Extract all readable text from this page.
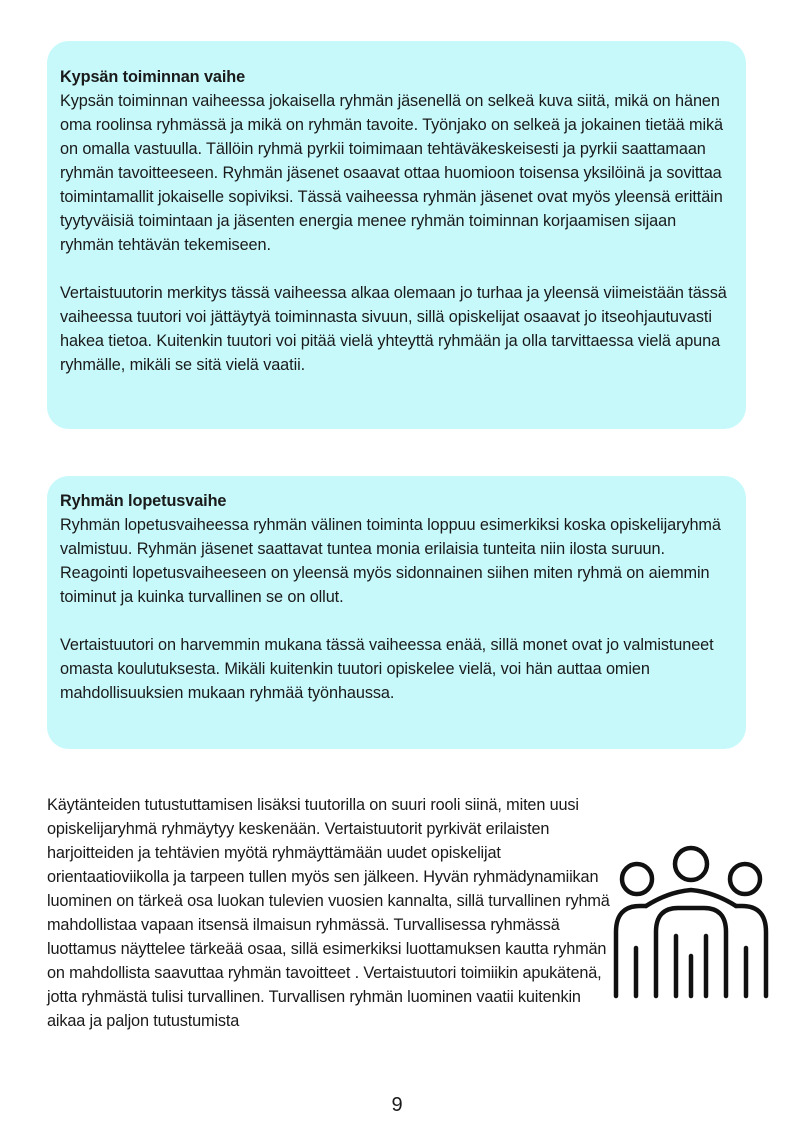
Kypsän toiminnan vaihe

Kypsän toiminnan vaiheessa jokaisella ryhmän jäsenellä on selkeä kuva siitä, mikä on hänen oma roolinsa ryhmässä ja mikä on ryhmän tavoite. Työnjako on selkeä ja jokainen tietää mikä on omalla vastuulla. Tällöin ryhmä pyrkii toimimaan tehtäväkeskeisesti ja pyrkii saattamaan ryhmän tavoitteeseen. Ryhmän jäsenet osaavat ottaa huomioon toisensa yksilöinä ja sovittaa toimintamallit jokaiselle sopiviksi. Tässä vaiheessa ryhmän jäsenet ovat myös yleensä erittäin tyytyväisiä toimintaan ja jäsenten energia menee ryhmän toiminnan korjaamisen sijaan ryhmän tehtävän tekemiseen.

Vertaistuutorin merkitys tässä vaiheessa alkaa olemaan jo turhaa ja yleensä viimeistään tässä vaiheessa tuutori voi jättäytyä toiminnasta sivuun, sillä opiskelijat osaavat jo itseohjautuvasti hakea tietoa. Kuitenkin tuutori voi pitää vielä yhteyttä ryhmään ja olla tarvittaessa vielä apuna ryhmälle, mikäli se sitä vielä vaatii.

Ryhmän lopetusvaihe

Ryhmän lopetusvaiheessa ryhmän välinen toiminta loppuu esimerkiksi koska opiskelijaryhmä valmistuu. Ryhmän jäsenet saattavat tuntea monia erilaisia tunteita niin ilosta suruun. Reagointi lopetusvaiheeseen on yleensä myös sidonnainen siihen miten ryhmä on aiemmin toiminut ja kuinka turvallinen se on ollut.

Vertaistuutori on harvemmin mukana tässä vaiheessa enää, sillä monet ovat jo valmistuneet omasta koulutuksesta. Mikäli kuitenkin tuutori opiskelee vielä, voi hän auttaa omien mahdollisuuksien mukaan ryhmää työnhaussa.

Käytänteiden tutustuttamisen lisäksi tuutorilla on suuri rooli siinä, miten uusi opiskelijaryhmä ryhmäytyy keskenään. Vertaistuutorit pyrkivät erilaisten harjoitteiden ja tehtävien myötä ryhmäyttämään uudet opiskelijat orientaatioviikolla ja tarpeen tullen myös sen jälkeen. Hyvän ryhmädynamiikan luominen on tärkeä osa luokan tulevien vuosien kannalta, sillä turvallinen ryhmä mahdollistaa vapaan itsensä ilmaisun ryhmässä. Turvallisessa ryhmässä luottamus näyttelee tärkeää osaa, sillä esimerkiksi luottamuksen kautta ryhmän on mahdollista saavuttaa ryhmän tavoitteet . Vertaistuutori toimiikin apukätenä, jotta ryhmästä tulisi turvallinen. Turvallisen ryhmän luominen vaatii kuitenkin aikaa ja paljon tutustumista

9
